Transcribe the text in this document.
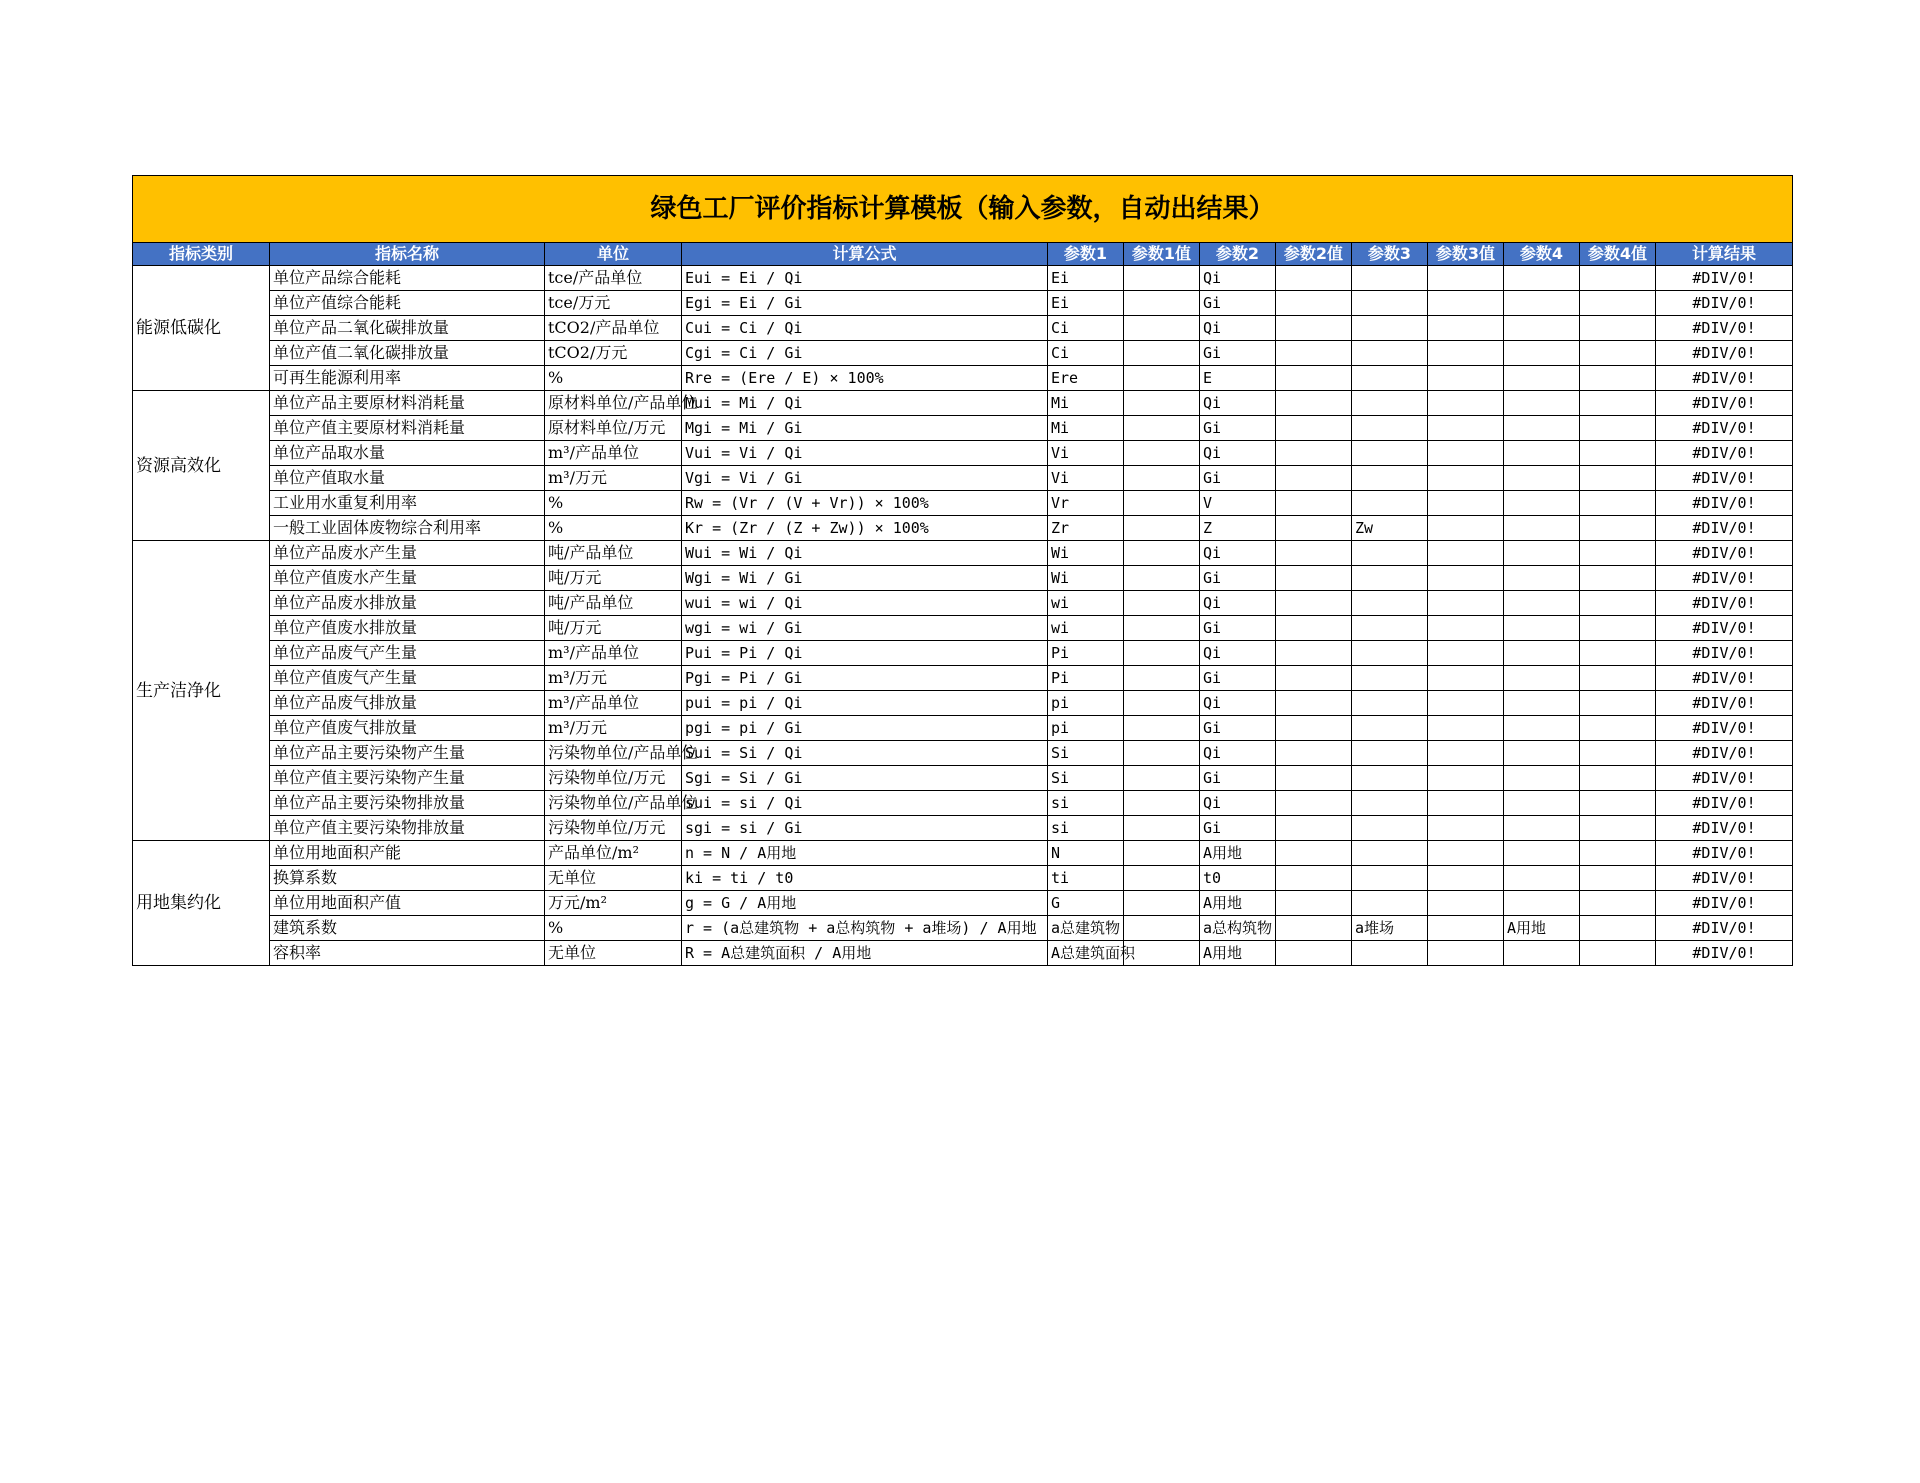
绿色工厂评价指标计算模板（输入参数，自动出结果）												
指标类别	指标名称	单位	计算公式	参数1	参数1值	参数2	参数2值	参数3	参数3值	参数4	参数4值	计算结果
能源低碳化	单位产品综合能耗	tce/产品单位	Eui = Ei / Qi	Ei		Qi						#DIV/0!
	单位产值综合能耗	tce/万元	Egi = Ei / Gi	Ei		Gi						#DIV/0!
	单位产品二氧化碳排放量	tCO2/产品单位	Cui = Ci / Qi	Ci		Qi						#DIV/0!
	单位产值二氧化碳排放量	tCO2/万元	Cgi = Ci / Gi	Ci		Gi						#DIV/0!
	可再生能源利用率	%	Rre = (Ere / E) × 100%	Ere		E						#DIV/0!
资源高效化	单位产品主要原材料消耗量	原材料单位/产品单位	Mui = Mi / Qi	Mi		Qi						#DIV/0!
	单位产值主要原材料消耗量	原材料单位/万元	Mgi = Mi / Gi	Mi		Gi						#DIV/0!
	单位产品取水量	m³/产品单位	Vui = Vi / Qi	Vi		Qi						#DIV/0!
	单位产值取水量	m³/万元	Vgi = Vi / Gi	Vi		Gi						#DIV/0!
	工业用水重复利用率	%	Rw = (Vr / (V + Vr)) × 100%	Vr		V						#DIV/0!
	一般工业固体废物综合利用率	%	Kr = (Zr / (Z + Zw)) × 100%	Zr		Z		Zw				#DIV/0!
生产洁净化	单位产品废水产生量	吨/产品单位	Wui = Wi / Qi	Wi		Qi						#DIV/0!
	单位产值废水产生量	吨/万元	Wgi = Wi / Gi	Wi		Gi						#DIV/0!
	单位产品废水排放量	吨/产品单位	wui = wi / Qi	wi		Qi						#DIV/0!
	单位产值废水排放量	吨/万元	wgi = wi / Gi	wi		Gi						#DIV/0!
	单位产品废气产生量	m³/产品单位	Pui = Pi / Qi	Pi		Qi						#DIV/0!
	单位产值废气产生量	m³/万元	Pgi = Pi / Gi	Pi		Gi						#DIV/0!
	单位产品废气排放量	m³/产品单位	pui = pi / Qi	pi		Qi						#DIV/0!
	单位产值废气排放量	m³/万元	pgi = pi / Gi	pi		Gi						#DIV/0!
	单位产品主要污染物产生量	污染物单位/产品单位	Sui = Si / Qi	Si		Qi						#DIV/0!
	单位产值主要污染物产生量	污染物单位/万元	Sgi = Si / Gi	Si		Gi						#DIV/0!
	单位产品主要污染物排放量	污染物单位/产品单位	sui = si / Qi	si		Qi						#DIV/0!
	单位产值主要污染物排放量	污染物单位/万元	sgi = si / Gi	si		Gi						#DIV/0!
用地集约化	单位用地面积产能	产品单位/m²	n = N / A用地	N		A用地						#DIV/0!
	换算系数	无单位	ki = ti / t0	ti		t0						#DIV/0!
	单位用地面积产值	万元/m²	g = G / A用地	G		A用地						#DIV/0!
	建筑系数	%	r = (a总建筑物 + a总构筑物 + a堆场) / A用地	a总建筑物		a总构筑物		a堆场		A用地		#DIV/0!
	容积率	无单位	R = A总建筑面积 / A用地	A总建筑面积		A用地						#DIV/0!
